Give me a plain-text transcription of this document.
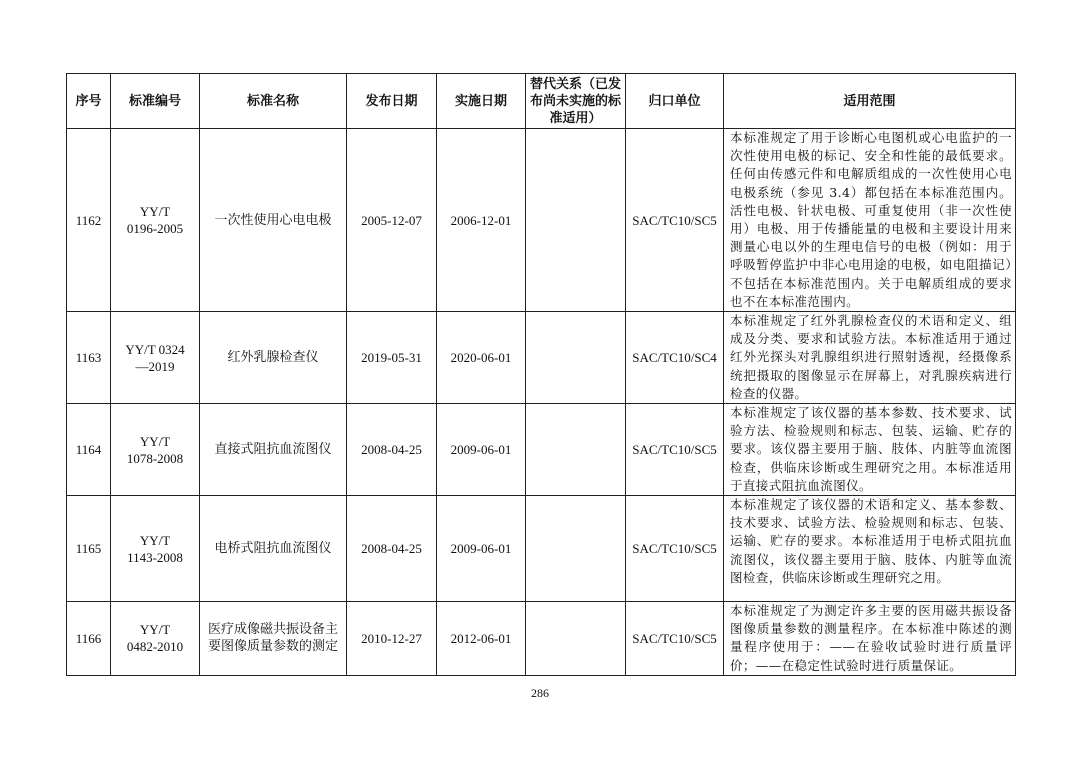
序号	标准编号	标准名称	发布日期	实施日期	替代关系（已发布尚未实施的标准适用）	归口单位	适用范围
1162	YY/T 0196-2005	一次性使用心电电极	2005-12-07	2006-12-01		SAC/TC10/SC5	本标准规定了用于诊断心电图机或心电监护的一次性使用电极的标记、安全和性能的最低要求。任何由传感元件和电解质组成的一次性使用心电电极系统（参见 3.4）都包括在本标准范围内。活性电极、针状电极、可重复使用（非一次性使用）电极、用于传播能量的电极和主要设计用来测量心电以外的生理电信号的电极（例如：用于呼吸暂停监护中非心电用途的电极，如电阻描记）不包括在本标准范围内。关于电解质组成的要求也不在本标准范围内。
1163	YY/T 0324—2019	红外乳腺检查仪	2019-05-31	2020-06-01		SAC/TC10/SC4	本标准规定了红外乳腺检查仪的术语和定义、组成及分类、要求和试验方法。本标准适用于通过红外光探头对乳腺组织进行照射透视，经摄像系统把摄取的图像显示在屏幕上，对乳腺疾病进行检查的仪器。
1164	YY/T 1078-2008	直接式阻抗血流图仪	2008-04-25	2009-06-01		SAC/TC10/SC5	本标准规定了该仪器的基本参数、技术要求、试验方法、检验规则和标志、包装、运输、贮存的要求。该仪器主要用于脑、肢体、内脏等血流图检查，供临床诊断或生理研究之用。本标准适用于直接式阻抗血流图仪。
1165	YY/T 1143-2008	电桥式阻抗血流图仪	2008-04-25	2009-06-01		SAC/TC10/SC5	本标准规定了该仪器的术语和定义、基本参数、技术要求、试验方法、检验规则和标志、包装、运输、贮存的要求。本标准适用于电桥式阻抗血流图仪，该仪器主要用于脑、肢体、内脏等血流图检查，供临床诊断或生理研究之用。
1166	YY/T 0482-2010	医疗成像磁共振设备主要图像质量参数的测定	2010-12-27	2012-06-01		SAC/TC10/SC5	本标准规定了为测定许多主要的医用磁共振设备图像质量参数的测量程序。在本标准中陈述的测量程序使用于：——在验收试验时进行质量评价；——在稳定性试验时进行质量保证。
286
